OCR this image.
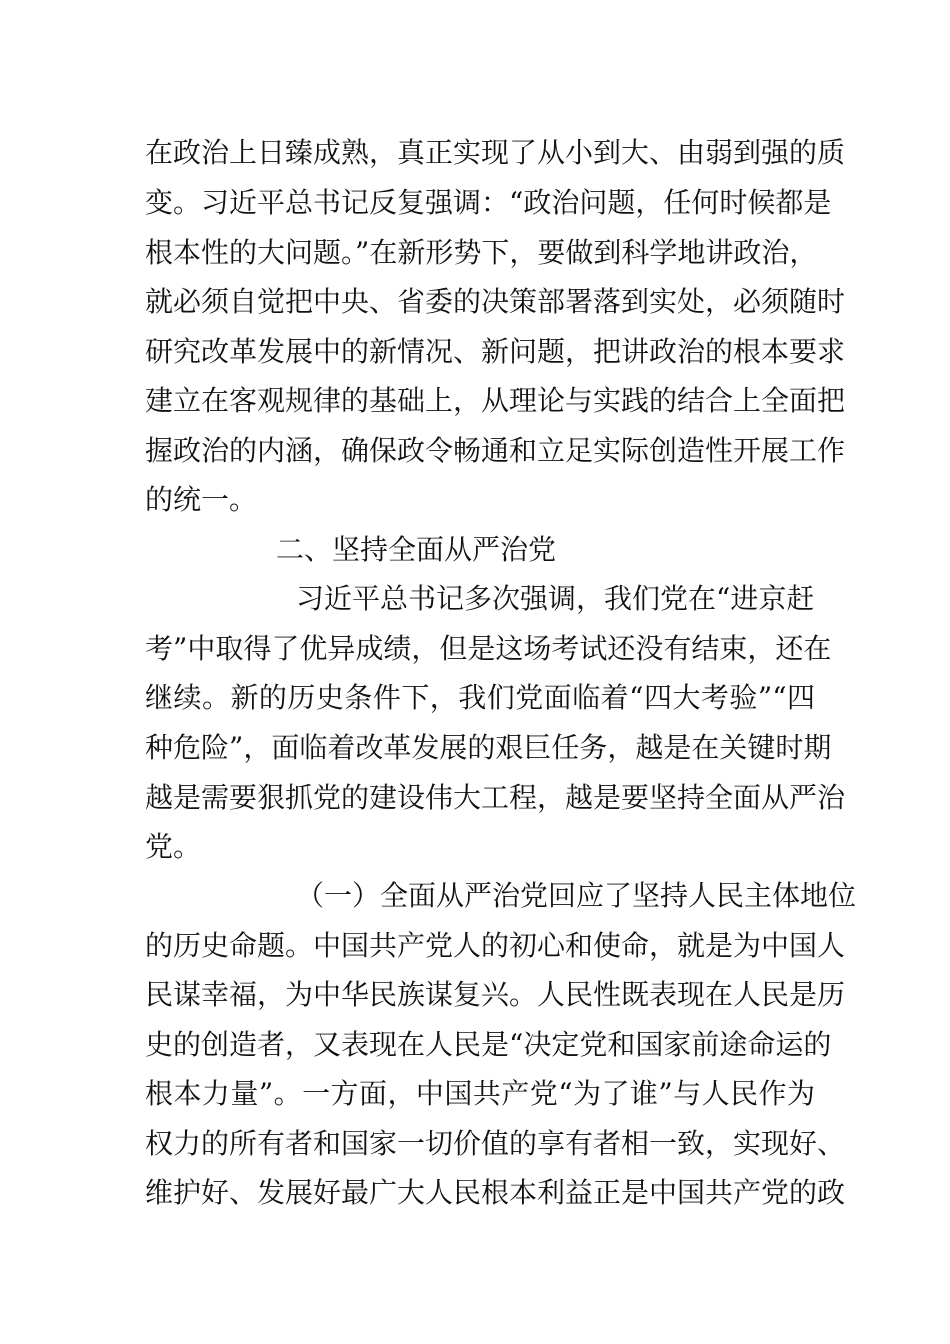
在政治上日臻成熟，真正实现了从小到大、由弱到强的质
变。习近平总书记反复强调：“政治问题，任何时候都是
根本性的大问题。”在新形势下，要做到科学地讲政治，
就必须自觉把中央、省委的决策部署落到实处，必须随时
研究改革发展中的新情况、新问题，把讲政治的根本要求
建立在客观规律的基础上，从理论与实践的结合上全面把
握政治的内涵，确保政令畅通和立足实际创造性开展工作
的统一。
二、坚持全面从严治党
习近平总书记多次强调，我们党在“进京赶
考”中取得了优异成绩，但是这场考试还没有结束，还在
继续。新的历史条件下，我们党面临着“四大考验”“四
种危险”，面临着改革发展的艰巨任务，越是在关键时期
越是需要狠抓党的建设伟大工程，越是要坚持全面从严治
党。
（一）全面从严治党回应了坚持人民主体地位
的历史命题。中国共产党人的初心和使命，就是为中国人
民谋幸福，为中华民族谋复兴。人民性既表现在人民是历
史的创造者，又表现在人民是“决定党和国家前途命运的
根本力量”。一方面，中国共产党“为了谁”与人民作为
权力的所有者和国家一切价值的享有者相一致，实现好、
维护好、发展好最广大人民根本利益正是中国共产党的政
